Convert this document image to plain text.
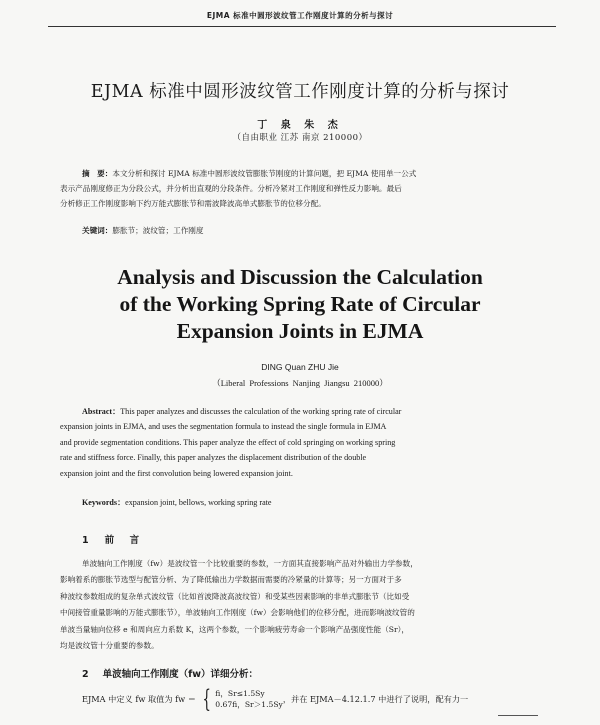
EJMA 标准中圆形波纹管工作刚度计算的分析与探讨
EJMA 标准中圆形波纹管工作刚度计算的分析与探讨
丁 泉 朱 杰
（自由职业 江苏 南京 210000）
摘　要：本文分析和探讨 EJMA 标准中圆形波纹管膨胀节刚度的计算问题，把 EJMA 使用单一公式
表示产品刚度修正为分段公式，并分析出直观的分段条件。分析冷紧对工作刚度和弹性反力影响。最后
分析修正工作刚度影响下约万能式膨胀节和需波降波高单式膨胀节的位移分配。
关键词：膨胀节；波纹管；工作刚度
Analysis and Discussion the Calculation
of the Working Spring Rate of Circular
Expansion Joints in EJMA
DING Quan ZHU Jie
（Liberal Professions Nanjing Jiangsu 210000）
Abstract：This paper analyzes and discusses the calculation of the working spring rate of circular
expansion joints in EJMA, and uses the segmentation formula to instead the single formula in EJMA
and provide segmentation conditions. This paper analyze the effect of cold springing on working spring
rate and stiffness force. Finally, this paper analyzes the displacement distribution of the double
expansion joint and the first convolution being lowered expansion joint.
Keywords：expansion joint, bellows, working spring rate
1 前　言
单波轴向工作刚度（fw）是波纹管一个比较重要的参数，一方面其直接影响产品对外输出力学参数，
影响着系的膨胀节选型与配管分析、为了降低输出力学数据而需要的冷紧量的计算等；另一方面对于多
种波纹参数组成的复杂单式波纹管（比如首波降波高波纹管）和受某些因素影响的非单式膨胀节（比如受
中间接管重量影响的万能式膨胀节），单波轴向工作刚度（fw）会影响他们的位移分配，进而影响波纹管的
单波当量轴向位移 e 和周向应力系数 K，这两个参数，一个影响疲劳寿命一个影响产品强度性能（Sr），
均是波纹管十分重要的参数。
2 单波轴向工作刚度（fw）详细分析：
EJMA 中定义 fw 取值为 fw ＝ { fi，Sr≤1.5Sy
0.67fi，Sr＞1.5Sy
，并在 EJMA－4.12.1.7 中进行了说明，配有力一
